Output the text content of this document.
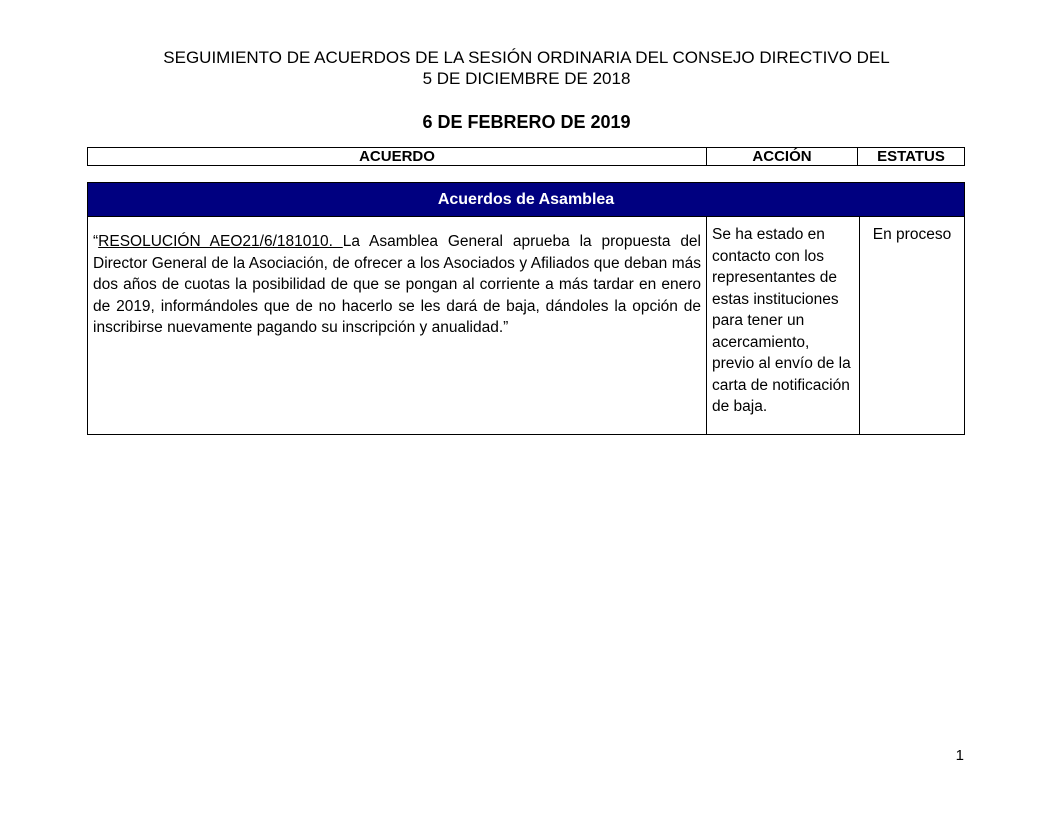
SEGUIMIENTO DE ACUERDOS DE LA SESIÓN ORDINARIA DEL CONSEJO DIRECTIVO DEL
5 DE DICIEMBRE DE 2018
6 DE FEBRERO DE 2019
ACUERDO	ACCIÓN	ESTATUS
Acuerdos de Asamblea
“RESOLUCIÓN AEO21/6/181010. La Asamblea General aprueba la propuesta del Director General de la Asociación, de ofrecer a los Asociados y Afiliados que deban más dos años de cuotas la posibilidad de que se pongan al corriente a más tardar en enero de 2019, informándoles que de no hacerlo se les dará de baja, dándoles la opción de inscribirse nuevamente pagando su inscripción y anualidad.”	Se ha estado en contacto con los representantes de estas instituciones para tener un acercamiento, previo al envío de la carta de notificación de baja.	En proceso
1
